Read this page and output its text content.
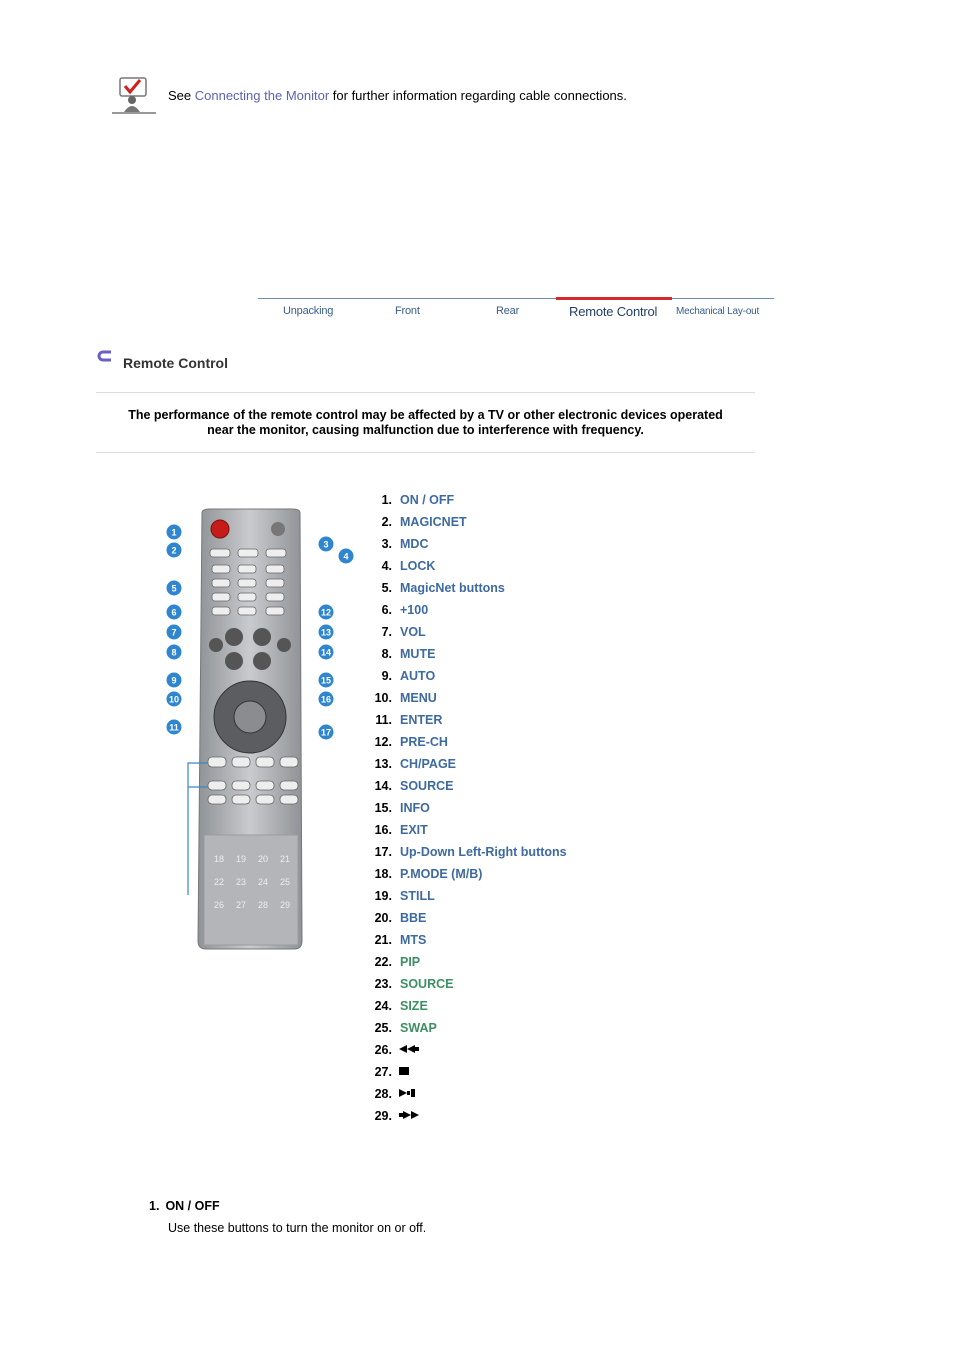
See Connecting the Monitor for further information regarding cable connections.
Unpacking	Front	Rear	Remote Control Mechanical Lay-out
Remote Control
The performance of the remote control may be affected by a TV or other electronic devices operated
near the monitor, causing malfunction due to interference with frequency.
1
2
3
4
5
6
7
8
9
10
11
12
13
14
15
16
17
18 19 20 21
22 23 24 25
26 27 28 29
1. ON / OFF
2. MAGICNET
3. MDC
4. LOCK
5. MagicNet buttons
6. +100
7. VOL
8. MUTE
9. AUTO
10. MENU
11. ENTER
12. PRE-CH
13. CH/PAGE
14. SOURCE
15. INFO
16. EXIT
17. Up-Down Left-Right buttons
18. P.MODE (M/B)
19. STILL
20. BBE
21. MTS
22. PIP
23. SOURCE
24. SIZE
25. SWAP
26.
27.
28.
29.
1. ON / OFF
Use these buttons to turn the monitor on or off.
